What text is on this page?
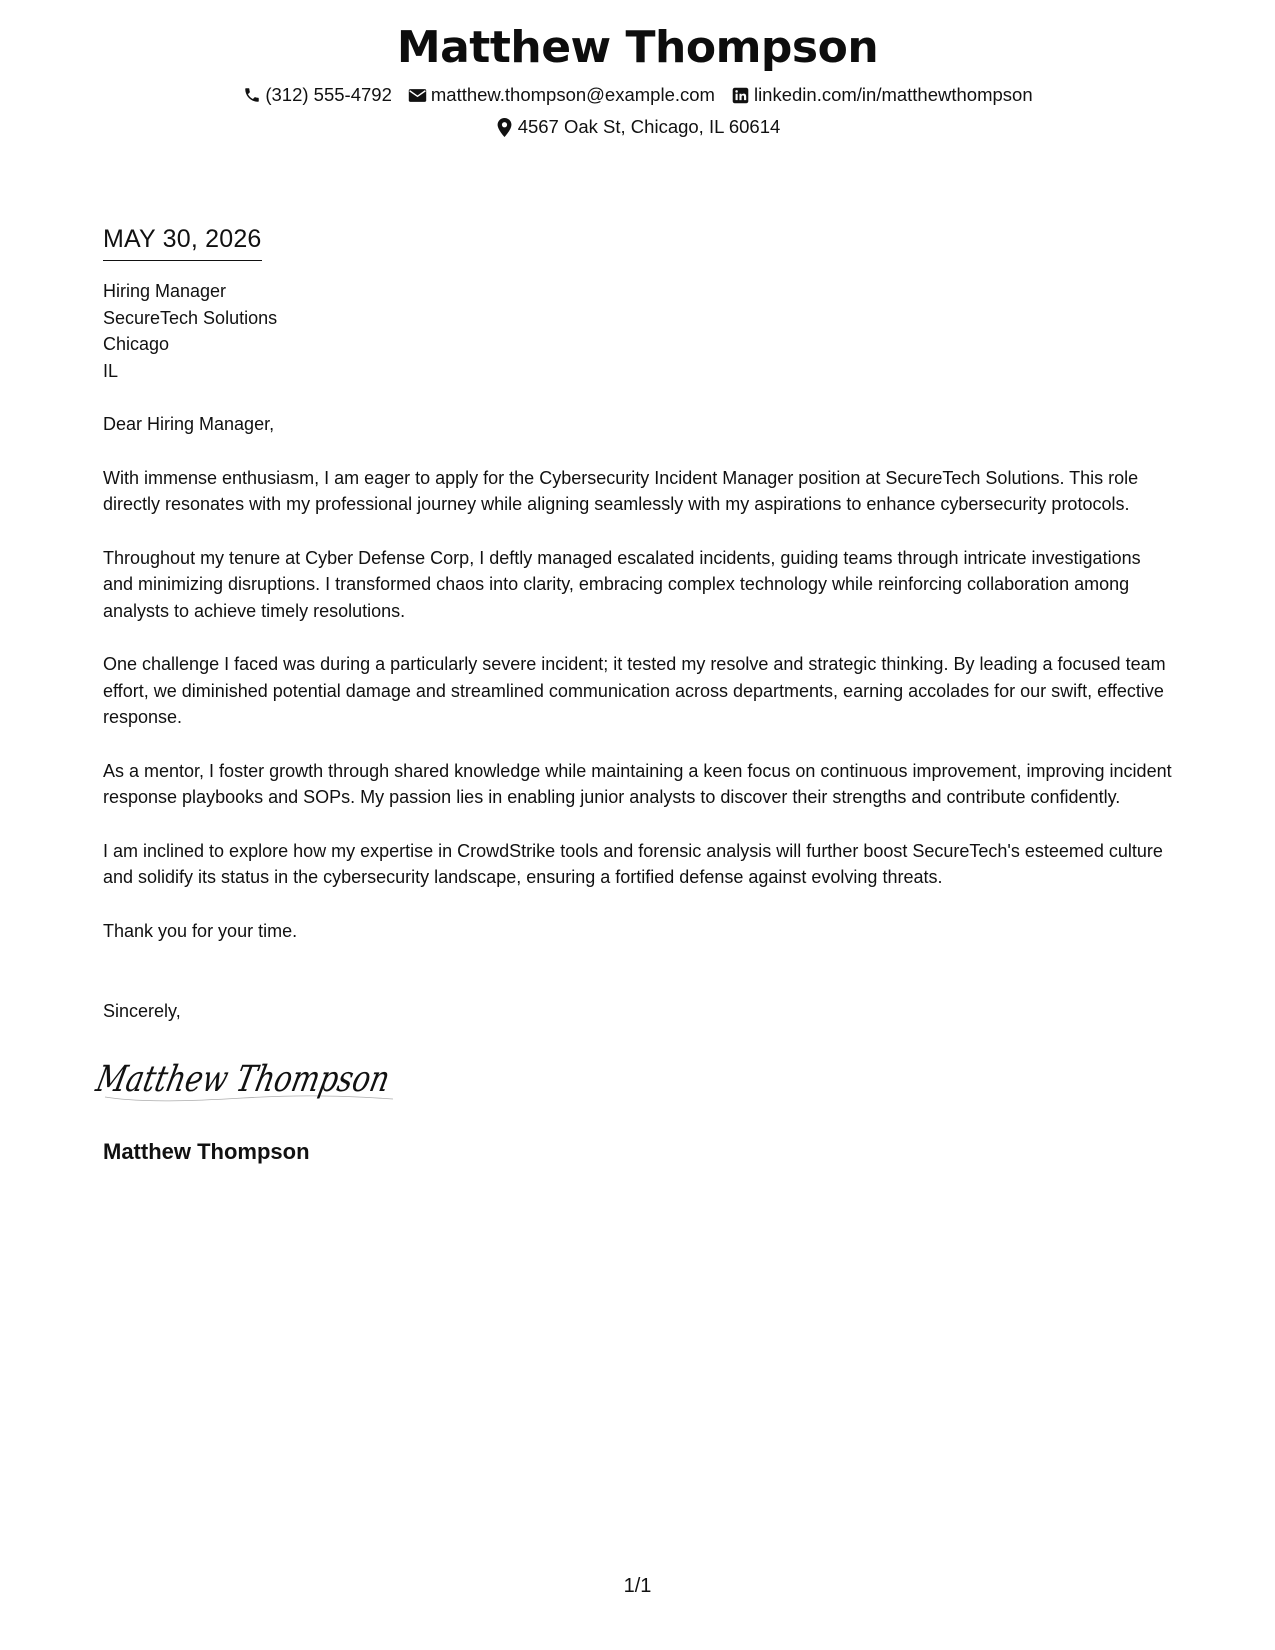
Matthew Thompson
(312) 555-4792 matthew.thompson@example.com linkedin.com/in/matthewthompson
4567 Oak St, Chicago, IL 60614
MAY 30, 2026
Hiring Manager
SecureTech Solutions
Chicago
IL
Dear Hiring Manager,

With immense enthusiasm, I am eager to apply for the Cybersecurity Incident Manager position at SecureTech Solutions. This role directly resonates with my professional journey while aligning seamlessly with my aspirations to enhance cybersecurity protocols.

Throughout my tenure at Cyber Defense Corp, I deftly managed escalated incidents, guiding teams through intricate investigations and minimizing disruptions. I transformed chaos into clarity, embracing complex technology while reinforcing collaboration among analysts to achieve timely resolutions.

One challenge I faced was during a particularly severe incident; it tested my resolve and strategic thinking. By leading a focused team effort, we diminished potential damage and streamlined communication across departments, earning accolades for our swift, effective response.

As a mentor, I foster growth through shared knowledge while maintaining a keen focus on continuous improvement, improving incident response playbooks and SOPs. My passion lies in enabling junior analysts to discover their strengths and contribute confidently.

I am inclined to explore how my expertise in CrowdStrike tools and forensic analysis will further boost SecureTech's esteemed culture and solidify its status in the cybersecurity landscape, ensuring a fortified defense against evolving threats.

Thank you for your time.
Sincerely,
Matthew Thompson
Matthew Thompson
1/1
